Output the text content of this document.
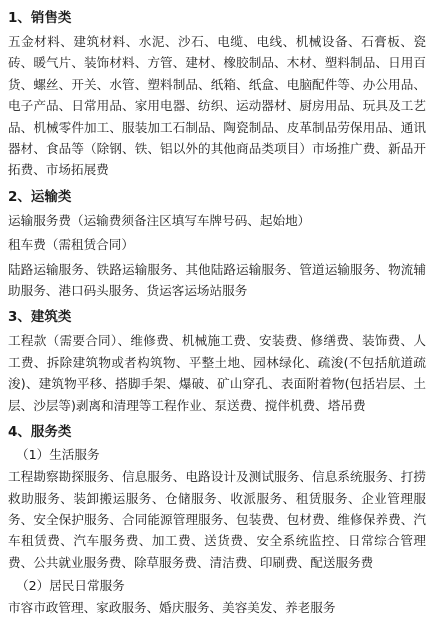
1、销售类

五金材料、建筑材料、水泥、沙石、电缆、电线、机械设备、石膏板、瓷砖、暖气片、装饰材料、方管、建材、橡胶制品、木材、塑料制品、日用百货、螺丝、开关、水管、塑料制品、纸箱、纸盒、电脑配件等、办公用品、电子产品、日常用品、家用电器、纺织、运动器材、厨房用品、玩具及工艺品、机械零件加工、服装加工石制品、陶瓷制品、皮革制品劳保用品、通讯器材、食品等（除钢、铁、铝以外的其他商品类项目）市场推广费、新品开拓费、市场拓展费

2、运输类

运输服务费（运输费须备注区填写车牌号码、起始地）

租车费（需租赁合同）

陆路运输服务、铁路运输服务、其他陆路运输服务、管道运输服务、物流辅助服务、港口码头服务、货运客运场站服务

3、建筑类

工程款（需要合同）、维修费、机械施工费、安装费、修缮费、装饰费、人工费、拆除建筑物或者构筑物、平整土地、园林绿化、疏浚(不包括航道疏浚)、建筑物平移、搭脚手架、爆破、矿山穿孔、表面附着物(包括岩层、土层、沙层等)剥离和清理等工程作业、泵送费、搅伴机费、塔吊费

4、服务类
（1）生活服务

工程勘察勘探服务、信息服务、电路设计及测试服务、信息系统服务、打捞救助服务、装卸搬运服务、仓储服务、收派服务、租赁服务、企业管理服务、安全保护服务、合同能源管理服务、包装费、包材费、维修保养费、汽车租赁费、汽车服务费、加工费、送货费、安全系统监控、日常综合管理费、公共就业服务费、除草服务费、清洁费、印刷费、配送服务费

（2）居民日常服务

市容市政管理、家政服务、婚庆服务、美容美发、养老服务
